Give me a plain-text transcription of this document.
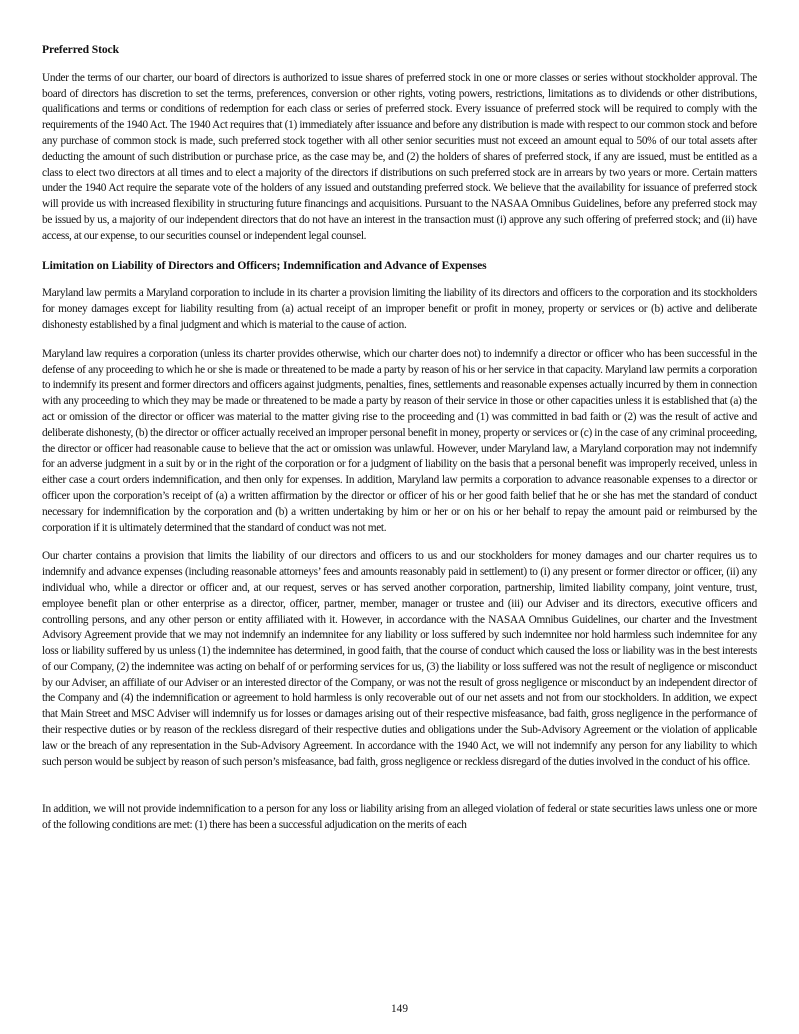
Preferred Stock

Under the terms of our charter, our board of directors is authorized to issue shares of preferred stock in one or more classes or series without stockholder approval. The board of directors has discretion to set the terms, preferences, conversion or other rights, voting powers, restrictions, limitations as to dividends or other distributions, qualifications and terms or conditions of redemption for each class or series of preferred stock. Every issuance of preferred stock will be required to comply with the requirements of the 1940 Act. The 1940 Act requires that (1) immediately after issuance and before any distribution is made with respect to our common stock and before any purchase of common stock is made, such preferred stock together with all other senior securities must not exceed an amount equal to 50% of our total assets after deducting the amount of such distribution or purchase price, as the case may be, and (2) the holders of shares of preferred stock, if any are issued, must be entitled as a class to elect two directors at all times and to elect a majority of the directors if distributions on such preferred stock are in arrears by two years or more. Certain matters under the 1940 Act require the separate vote of the holders of any issued and outstanding preferred stock. We believe that the availability for issuance of preferred stock will provide us with increased flexibility in structuring future financings and acquisitions. Pursuant to the NASAA Omnibus Guidelines, before any preferred stock may be issued by us, a majority of our independent directors that do not have an interest in the transaction must (i) approve any such offering of preferred stock; and (ii) have access, at our expense, to our securities counsel or independent legal counsel.

Limitation on Liability of Directors and Officers; Indemnification and Advance of Expenses

Maryland law permits a Maryland corporation to include in its charter a provision limiting the liability of its directors and officers to the corporation and its stockholders for money damages except for liability resulting from (a) actual receipt of an improper benefit or profit in money, property or services or (b) active and deliberate dishonesty established by a final judgment and which is material to the cause of action.

Maryland law requires a corporation (unless its charter provides otherwise, which our charter does not) to indemnify a director or officer who has been successful in the defense of any proceeding to which he or she is made or threatened to be made a party by reason of his or her service in that capacity. Maryland law permits a corporation to indemnify its present and former directors and officers against judgments, penalties, fines, settlements and reasonable expenses actually incurred by them in connection with any proceeding to which they may be made or threatened to be made a party by reason of their service in those or other capacities unless it is established that (a) the act or omission of the director or officer was material to the matter giving rise to the proceeding and (1) was committed in bad faith or (2) was the result of active and deliberate dishonesty, (b) the director or officer actually received an improper personal benefit in money, property or services or (c) in the case of any criminal proceeding, the director or officer had reasonable cause to believe that the act or omission was unlawful. However, under Maryland law, a Maryland corporation may not indemnify for an adverse judgment in a suit by or in the right of the corporation or for a judgment of liability on the basis that a personal benefit was improperly received, unless in either case a court orders indemnification, and then only for expenses. In addition, Maryland law permits a corporation to advance reasonable expenses to a director or officer upon the corporation’s receipt of (a) a written affirmation by the director or officer of his or her good faith belief that he or she has met the standard of conduct necessary for indemnification by the corporation and (b) a written undertaking by him or her or on his or her behalf to repay the amount paid or reimbursed by the corporation if it is ultimately determined that the standard of conduct was not met.

Our charter contains a provision that limits the liability of our directors and officers to us and our stockholders for money damages and our charter requires us to indemnify and advance expenses (including reasonable attorneys’ fees and amounts reasonably paid in settlement) to (i) any present or former director or officer, (ii) any individual who, while a director or officer and, at our request, serves or has served another corporation, partnership, limited liability company, joint venture, trust, employee benefit plan or other enterprise as a director, officer, partner, member, manager or trustee and (iii) our Adviser and its directors, executive officers and controlling persons, and any other person or entity affiliated with it. However, in accordance with the NASAA Omnibus Guidelines, our charter and the Investment Advisory Agreement provide that we may not indemnify an indemnitee for any liability or loss suffered by such indemnitee nor hold harmless such indemnitee for any loss or liability suffered by us unless (1) the indemnitee has determined, in good faith, that the course of conduct which caused the loss or liability was in the best interests of our Company, (2) the indemnitee was acting on behalf of or performing services for us, (3) the liability or loss suffered was not the result of negligence or misconduct by our Adviser, an affiliate of our Adviser or an interested director of the Company, or was not the result of gross negligence or misconduct by an independent director of the Company and (4) the indemnification or agreement to hold harmless is only recoverable out of our net assets and not from our stockholders. In addition, we expect that Main Street and MSC Adviser will indemnify us for losses or damages arising out of their respective misfeasance, bad faith, gross negligence in the performance of their respective duties or by reason of the reckless disregard of their respective duties and obligations under the Sub-Advisory Agreement or the violation of applicable law or the breach of any representation in the Sub-Advisory Agreement. In accordance with the 1940 Act, we will not indemnify any person for any liability to which such person would be subject by reason of such person’s misfeasance, bad faith, gross negligence or reckless disregard of the duties involved in the conduct of his office.

In addition, we will not provide indemnification to a person for any loss or liability arising from an alleged violation of federal or state securities laws unless one or more of the following conditions are met: (1) there has been a successful adjudication on the merits of each

149
